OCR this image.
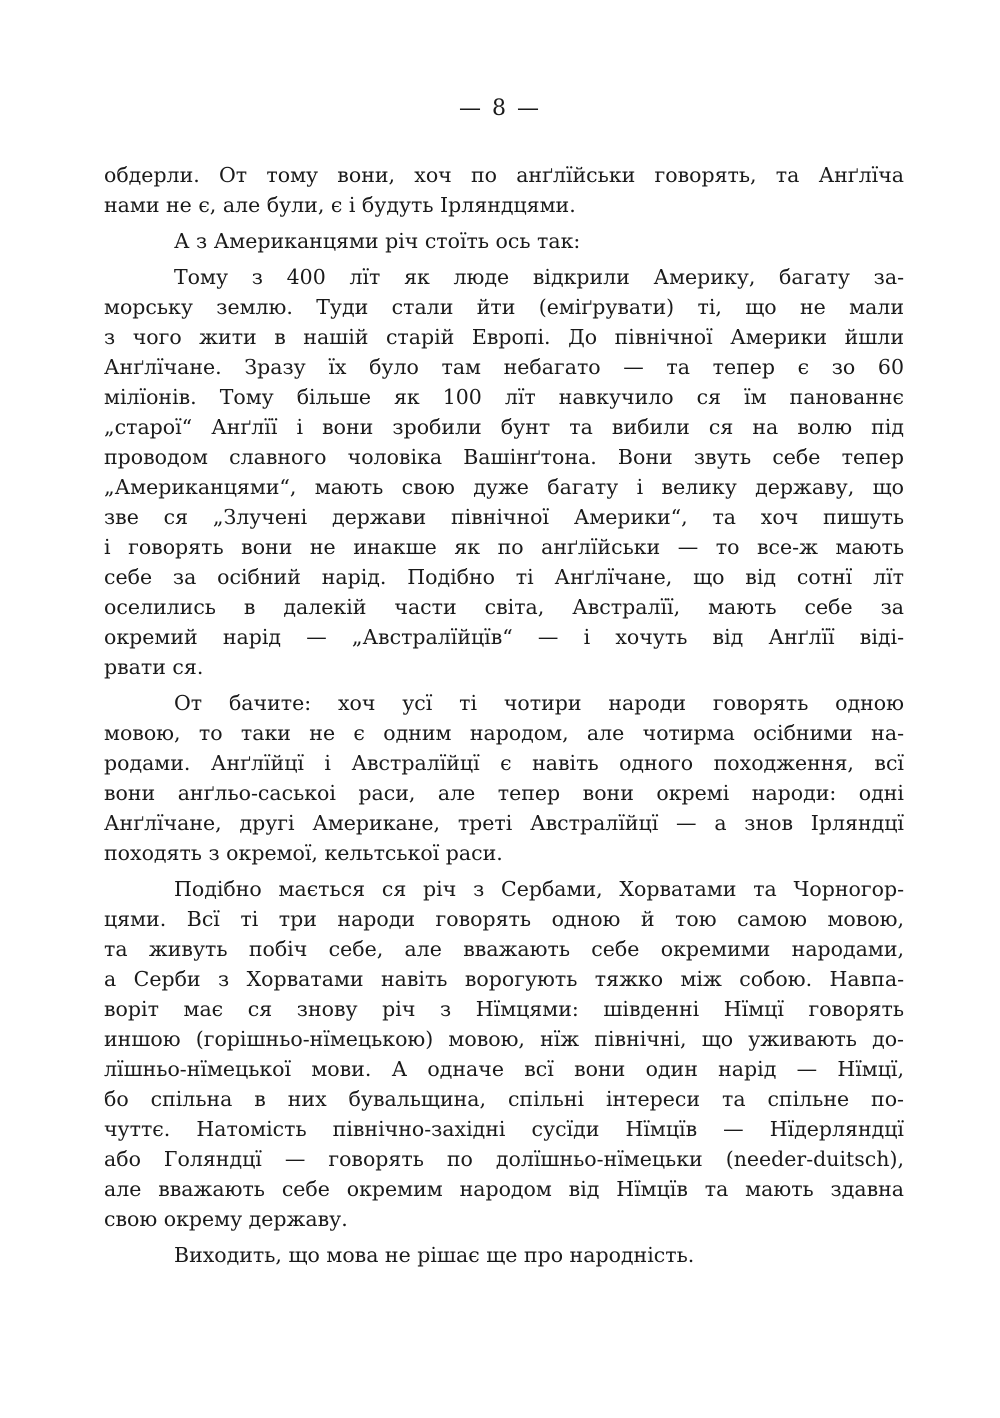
— 8 —
обдерли. От тому вони, хоч по анґлїйськи говорять, та Анґлїча
нами не є, але були, є і будуть Ірляндцями.
А з Американцями річ стоїть ось так:
Тому з 400 лїт як люде відкрили Америку, багату за-
морську землю. Туди стали йти (еміґрувати) ті, що не мали
з чого жити в нашій старій Европі. До північної Америки йшли
Анґлїчане. Зразу їх було там небагато — та тепер є зо 60
мілїонів. Тому більше як 100 лїт навкучило ся їм панованнє
„старої“ Анґлїї і вони зробили бунт та вибили ся на волю під
проводом славного чоловіка Вашінґтона. Вони звуть себе тепер
„Американцями“, мають свою дуже багату і велику державу, що
зве ся „Злучені держави північної Америки“, та хоч пишуть
і говорять вони не инакше як по анґлїйськи — то все-ж мають
себе за осібний нарід. Подібно ті Анґлїчане, що від сотнї лїт
оселились в далекій части світа, Австралїї, мають себе за
окремий нарід — „Австралїйцїв“ — і хочуть від Анґлїї віді-
рвати ся.
От бачите: хоч усї ті чотири народи говорять одною
мовою, то таки не є одним народом, але чотирма осібними на-
родами. Анґлїйцї і Австралїйцї є навіть одного походження, всї
вони анґльо-саськоі раси, але тепер вони окремі народи: одні
Анґлїчане, другі Американе, треті Австралїйцї — а знов Ірляндцї
походять з окремої, кельтської раси.
Подібно мається ся річ з Сербами, Хорватами та Чорногор-
цями. Всї ті три народи говорять одною й тою самою мовою,
та живуть побіч себе, але вважають себе окремими народами,
а Серби з Хорватами навіть ворогують тяжко між собою. Навпа-
воріт має ся знову річ з Нїмцями: шівденні Нїмцї говорять
иншою (горішньо-нїмецькою) мовою, нїж північні, що уживають до-
лїшньо-нїмецької мови. А одначе всї вони один нарід — Нїмцї,
бо спільна в них бувальщина, спільні інтереси та спільне по-
чуттє. Натомість північно-західні сусїди Нїмцїв — Нїдерляндцї
або Голяндцї — говорять по долїшньо-нїмецьки (needer-duitsch),
але вважають себе окремим народом від Нїмцїв та мають здавна
свою окрему державу.
Виходить, що мова не рішає ще про народність.
